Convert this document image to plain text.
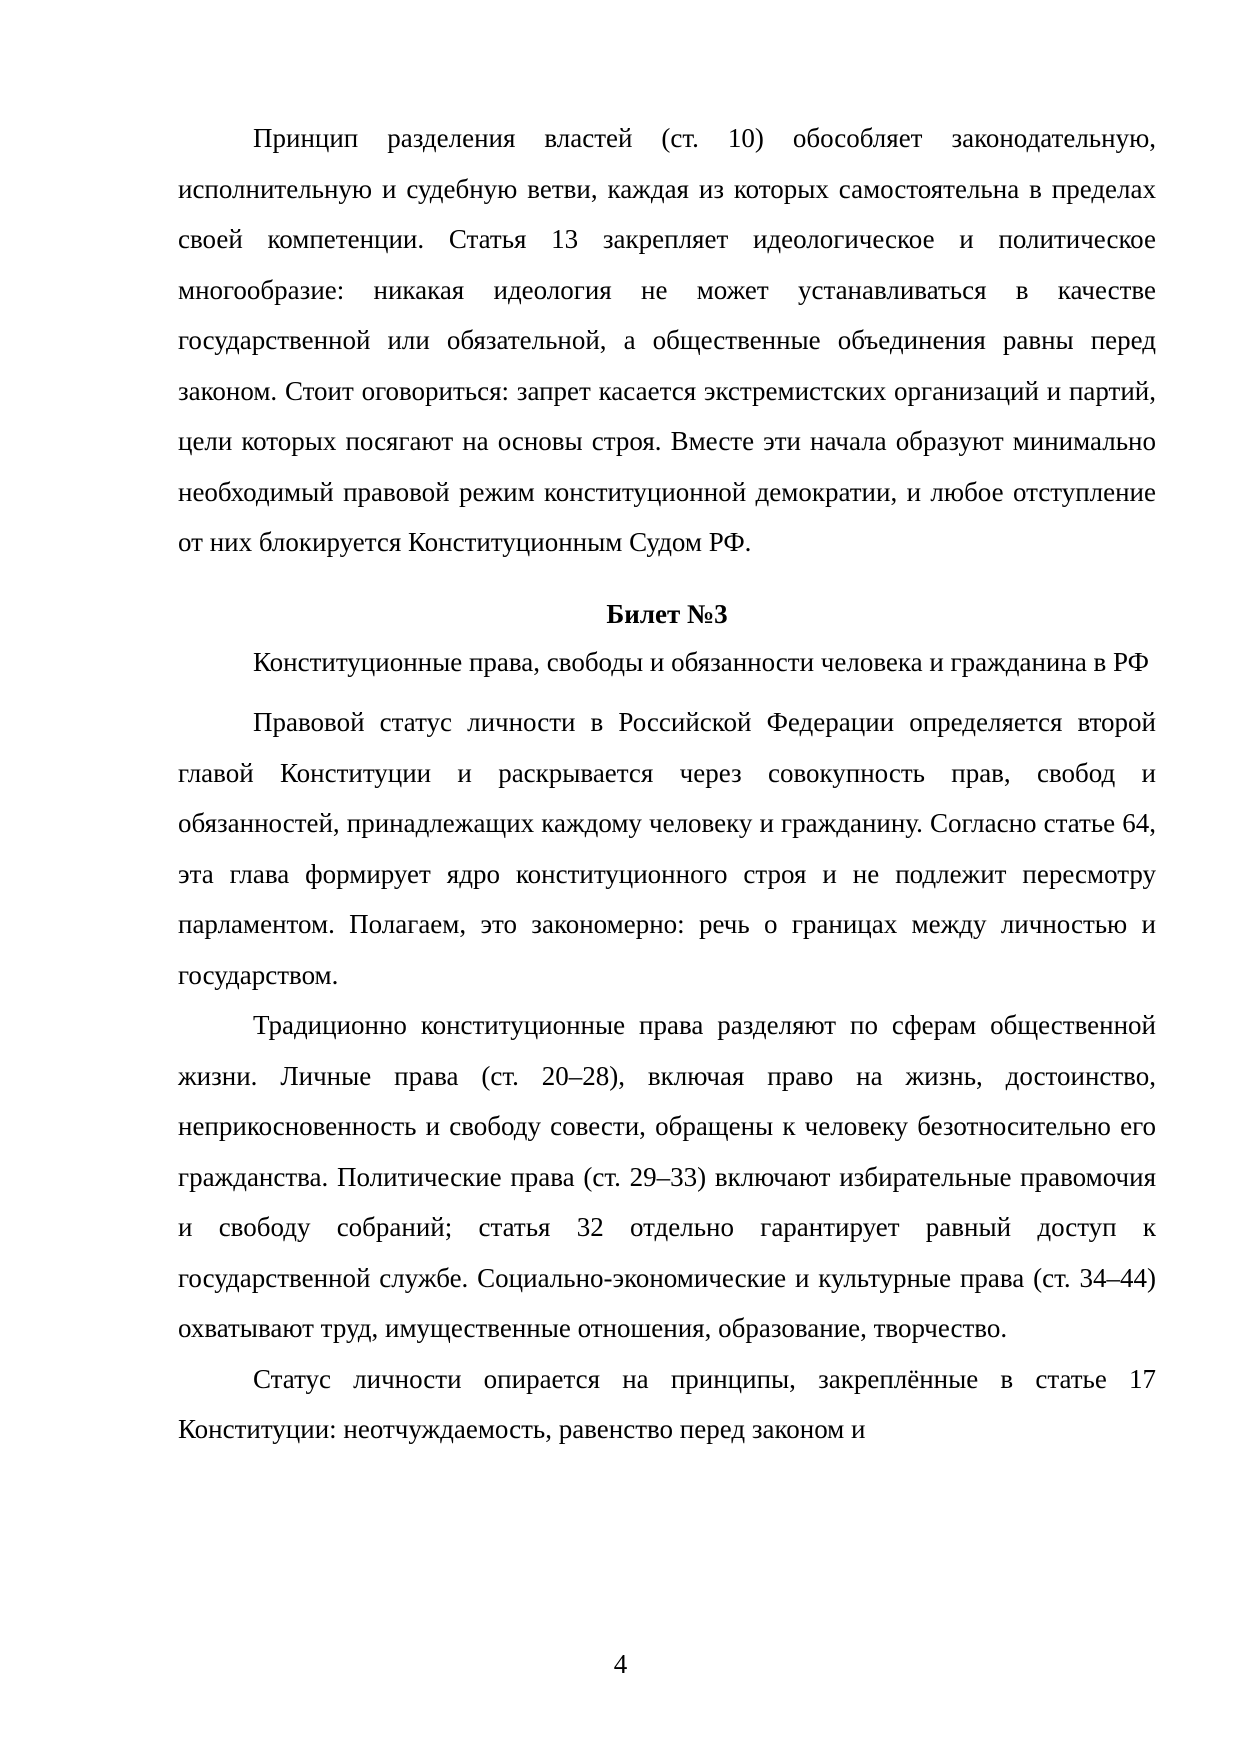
Принцип разделения властей (ст. 10) обособляет законодательную, исполнительную и судебную ветви, каждая из которых самостоятельна в пределах своей компетенции. Статья 13 закрепляет идеологическое и политическое многообразие: никакая идеология не может устанавливаться в качестве государственной или обязательной, а общественные объединения равны перед законом. Стоит оговориться: запрет касается экстремистских организаций и партий, цели которых посягают на основы строя. Вместе эти начала образуют минимально необходимый правовой режим конституционной демократии, и любое отступление от них блокируется Конституционным Судом РФ.

Билет №3

Конституционные права, свободы и обязанности человека и гражданина в РФ

Правовой статус личности в Российской Федерации определяется второй главой Конституции и раскрывается через совокупность прав, свобод и обязанностей, принадлежащих каждому человеку и гражданину. Согласно статье 64, эта глава формирует ядро конституционного строя и не подлежит пересмотру парламентом. Полагаем, это закономерно: речь о границах между личностью и государством.

Традиционно конституционные права разделяют по сферам общественной жизни. Личные права (ст. 20–28), включая право на жизнь, достоинство, неприкосновенность и свободу совести, обращены к человеку безотносительно его гражданства. Политические права (ст. 29–33) включают избирательные правомочия и свободу собраний; статья 32 отдельно гарантирует равный доступ к государственной службе. Социально-экономические и культурные права (ст. 34–44) охватывают труд, имущественные отношения, образование, творчество.

Статус личности опирается на принципы, закреплённые в статье 17 Конституции: неотчуждаемость, равенство перед законом и

4
